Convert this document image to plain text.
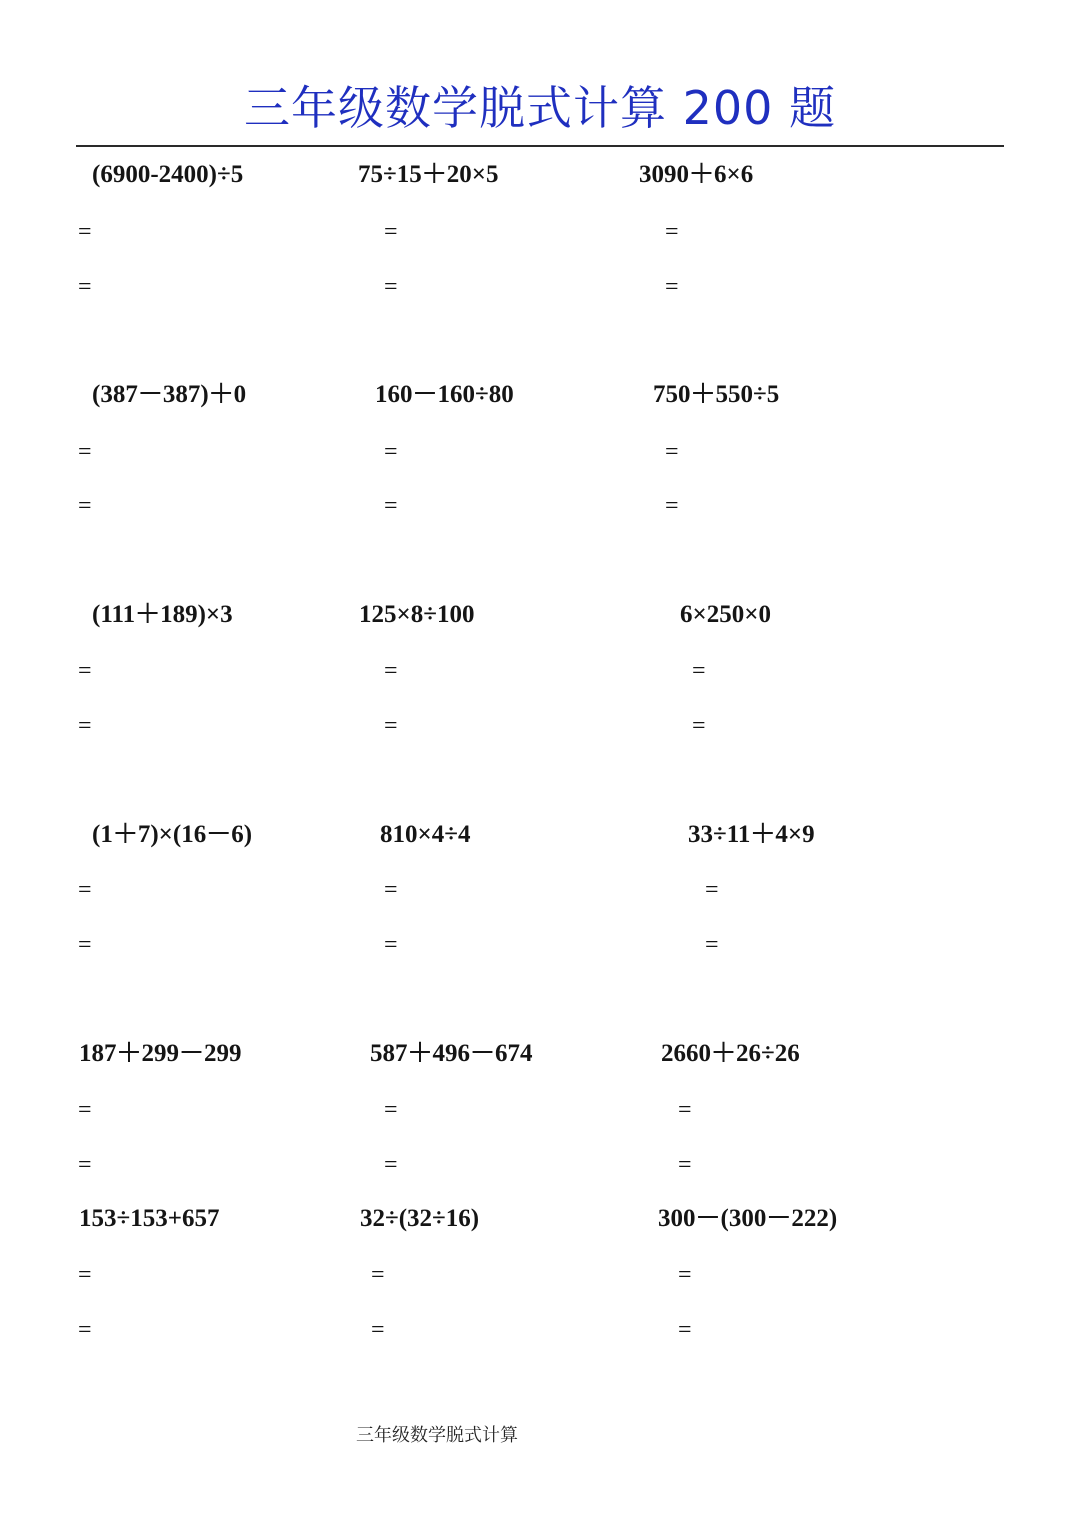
三年级数学脱式计算 200 题
(6900-2400)÷5
=
=
75÷15＋20×5
=
=
3090＋6×6
=
=
(387－387)＋0
=
=
160－160÷80
=
=
750＋550÷5
=
=
(111＋189)×3
=
=
125×8÷100
=
=
6×250×0
=
=
(1＋7)×(16－6)
=
=
810×4÷4
=
=
33÷11＋4×9
=
=
187＋299－299
=
=
587＋496－674
=
=
2660＋26÷26
=
=
153÷153+657
=
=
32÷(32÷16)
=
=
300－(300－222)
=
=
三年级数学脱式计算
